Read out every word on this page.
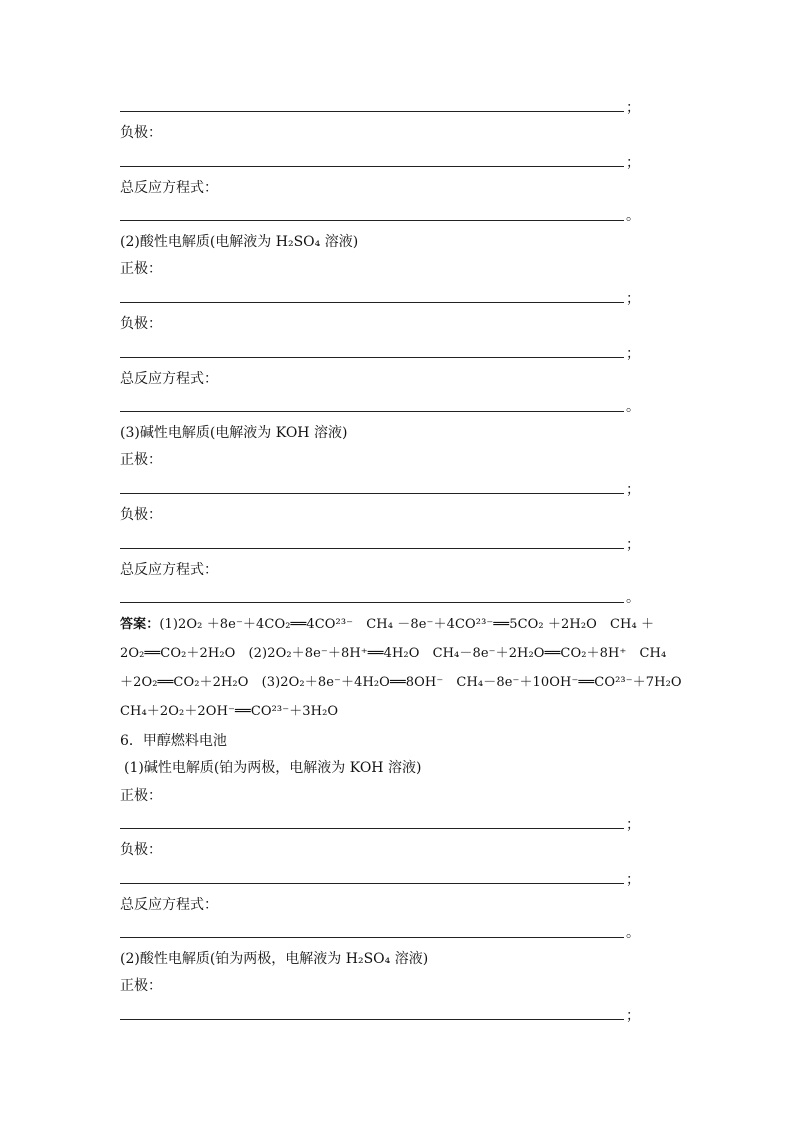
；
负极：
；
总反应方程式：
。
(2)酸性电解质(电解液为 H₂SO₄ 溶液)
正极：
；
负极：
；
总反应方程式：
。
(3)碱性电解质(电解液为 KOH 溶液)
正极：
；
负极：
；
总反应方程式：
。
答案：(1)2O₂ ＋8e⁻＋4CO₂══4CO²³⁻　CH₄ －8e⁻＋4CO²³⁻══5CO₂ ＋2H₂O　CH₄ ＋
2O₂══CO₂＋2H₂O　(2)2O₂＋8e⁻＋8H⁺══4H₂O　CH₄－8e⁻＋2H₂O══CO₂＋8H⁺　CH₄
＋2O₂══CO₂＋2H₂O　(3)2O₂＋8e⁻＋4H₂O══8OH⁻　CH₄－8e⁻＋10OH⁻══CO²³⁻＋7H₂O
CH₄＋2O₂＋2OH⁻══CO²³⁻＋3H₂O
6．甲醇燃料电池
(1)碱性电解质(铂为两极，电解液为 KOH 溶液)
正极：
；
负极：
；
总反应方程式：
。
(2)酸性电解质(铂为两极，电解液为 H₂SO₄ 溶液)
正极：
；
